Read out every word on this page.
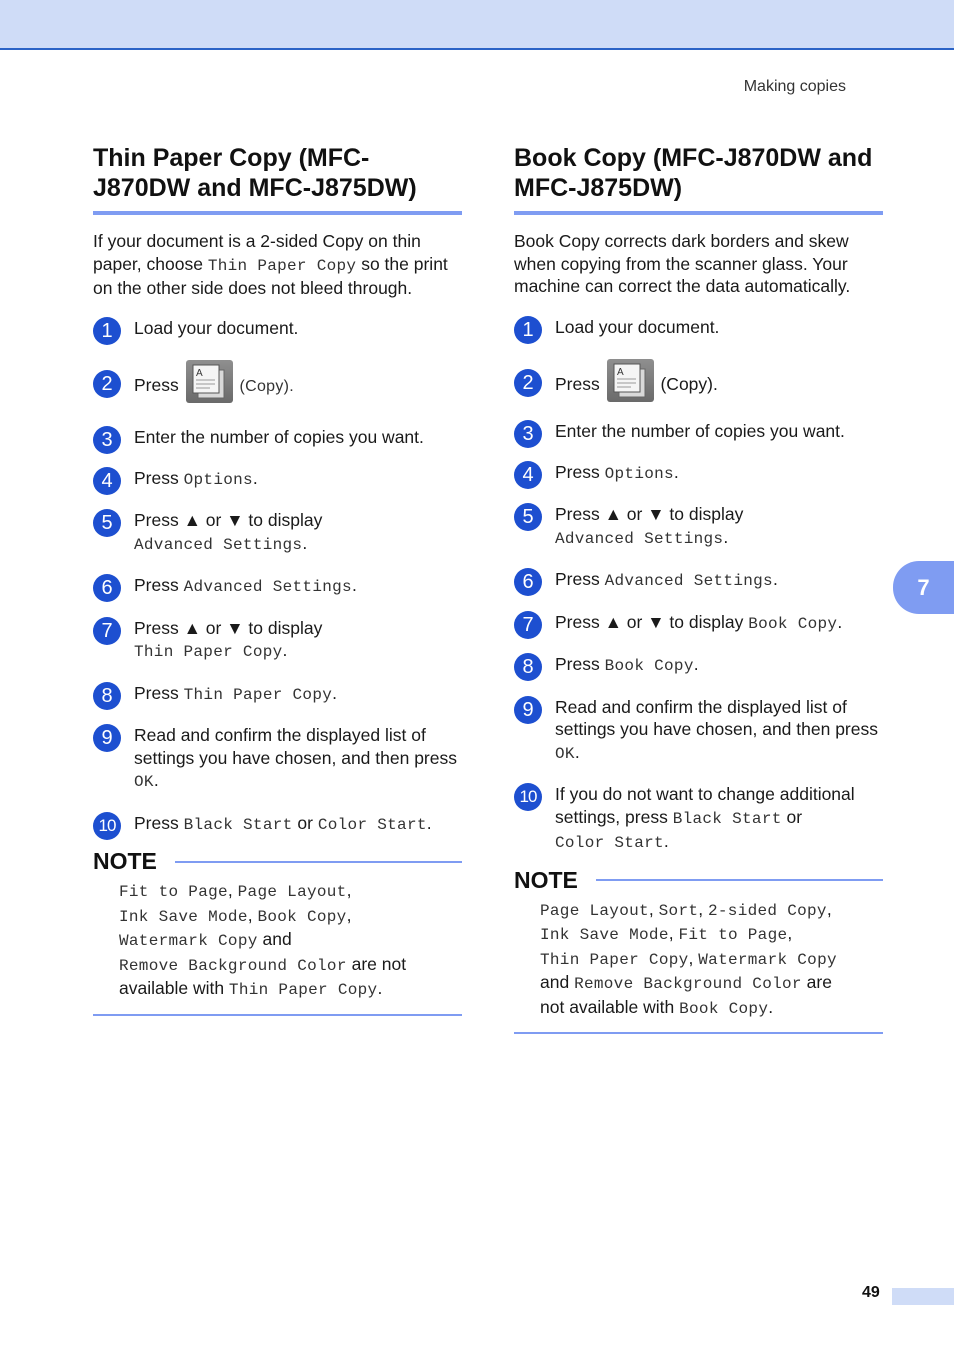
Making copies
Thin Paper Copy (MFC-J870DW and MFC-J875DW)

If your document is a 2-sided Copy on thin paper, choose Thin Paper Copy so the print on the other side does not bleed through.

1	Load your document.
2	Press
A
(Copy).
3	Enter the number of copies you want.
4	Press Options.
5	Press ▲ or ▼ to display
Advanced Settings.
6	Press Advanced Settings.
7	Press ▲ or ▼ to display
Thin Paper Copy.
8	Press Thin Paper Copy.
9	Read and confirm the displayed list of settings you have chosen, and then press OK.
10	Press Black Start or Color Start.
NOTE
Fit to Page, Page Layout,
Ink Save Mode, Book Copy,
Watermark Copy and
Remove Background Color are not available with Thin Paper Copy.
Book Copy (MFC-J870DW and MFC-J875DW)

Book Copy corrects dark borders and skew when copying from the scanner glass. Your machine can correct the data automatically.

1	Load your document.
2	Press
A
(Copy).
3	Enter the number of copies you want.
4	Press Options.
5	Press ▲ or ▼ to display
Advanced Settings.
6	Press Advanced Settings.
7	Press ▲ or ▼ to display Book Copy.
8	Press Book Copy.
9	Read and confirm the displayed list of settings you have chosen, and then press OK.
10	If you do not want to change additional settings, press Black Start or
Color Start.
NOTE
Page Layout, Sort, 2-sided Copy,
Ink Save Mode, Fit to Page,
Thin Paper Copy, Watermark Copy
and Remove Background Color are
not available with Book Copy.
7
49
